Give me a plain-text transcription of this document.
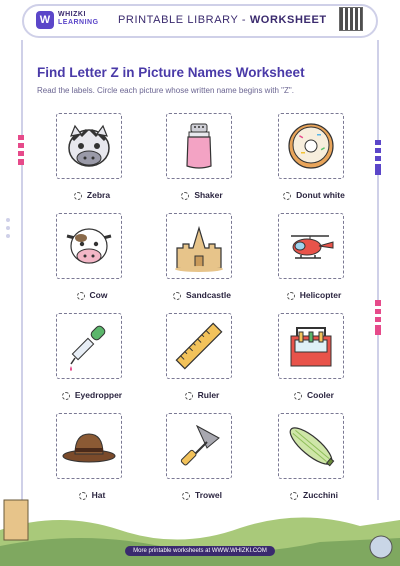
W	WHIZKI
LEARNING PRINTABLE LIBRARY - WORKSHEET
Find Letter Z in Picture Names Worksheet
Read the labels. Circle each picture whose written name begins with "Z".
Zebra	Shaker	Donut white
Cow	Sandcastle	Helicopter
Eyedropper	Ruler	Cooler
Hat	Trowel	Zucchini
More printable worksheets at WWW.WHIZKI.COM
